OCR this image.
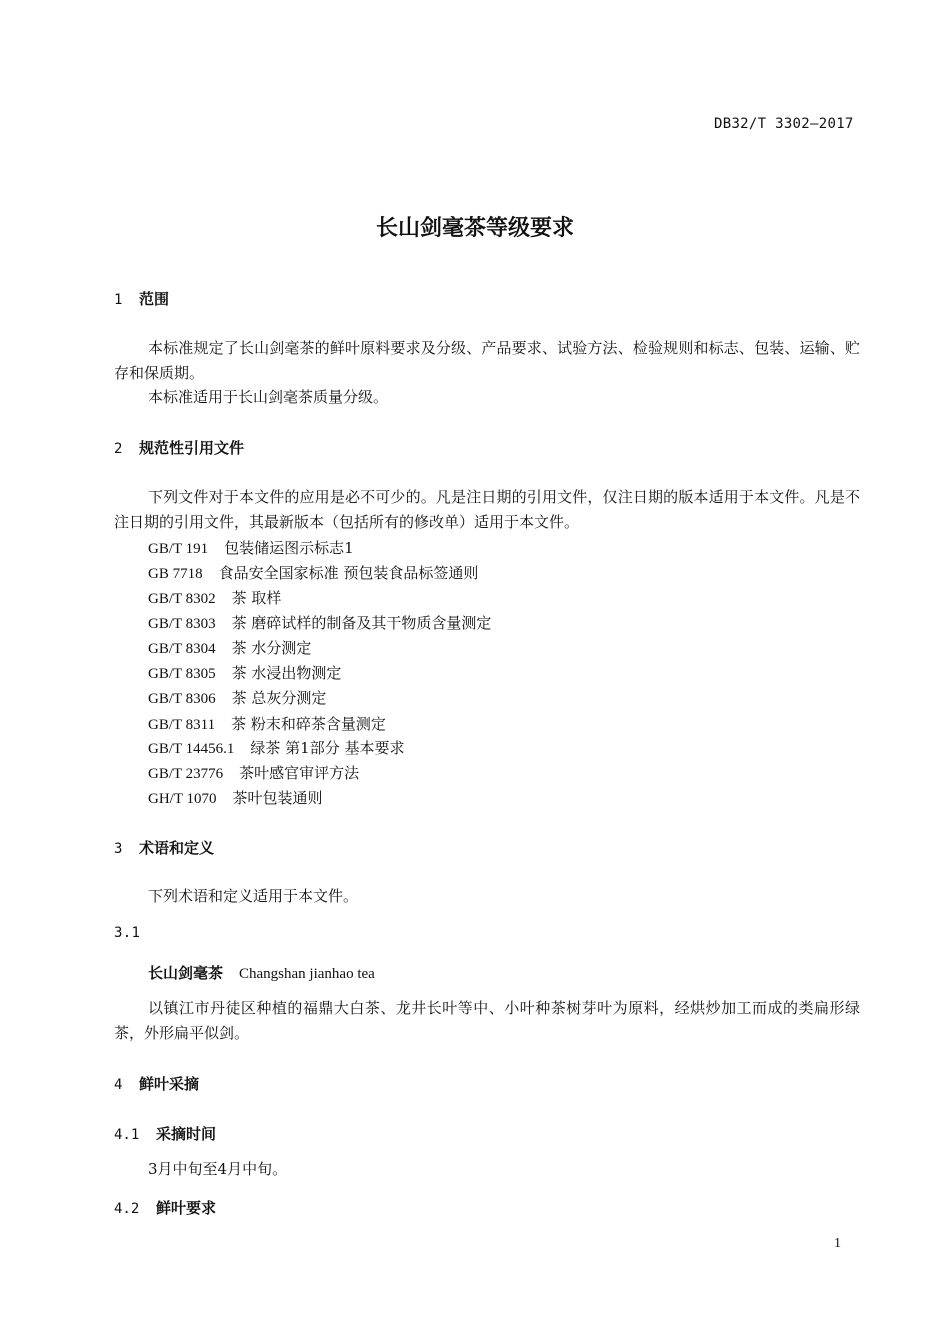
DB32/T 3302—2017
长山剑毫茶等级要求
1 范围
本标准规定了长山剑毫茶的鲜叶原料要求及分级、产品要求、试验方法、检验规则和标志、包装、运输、贮存和保质期。
本标准适用于长山剑毫茶质量分级。
2 规范性引用文件
下列文件对于本文件的应用是必不可少的。凡是注日期的引用文件，仅注日期的版本适用于本文件。凡是不注日期的引用文件，其最新版本（包括所有的修改单）适用于本文件。
GB/T 191 包装储运图示标志1
GB 7718 食品安全国家标准 预包装食品标签通则
GB/T 8302 茶 取样
GB/T 8303 茶 磨碎试样的制备及其干物质含量测定
GB/T 8304 茶 水分测定
GB/T 8305 茶 水浸出物测定
GB/T 8306 茶 总灰分测定
GB/T 8311 茶 粉末和碎茶含量测定
GB/T 14456.1 绿茶 第1部分 基本要求
GB/T 23776 茶叶感官审评方法
GH/T 1070 茶叶包装通则
3 术语和定义
下列术语和定义适用于本文件。
3.1
长山剑毫茶 Changshan jianhao tea
以镇江市丹徒区种植的福鼎大白茶、龙井长叶等中、小叶种茶树芽叶为原料，经烘炒加工而成的类扁形绿茶，外形扁平似剑。
4 鲜叶采摘
4.1 采摘时间
3月中旬至4月中旬。
4.2 鲜叶要求
1
